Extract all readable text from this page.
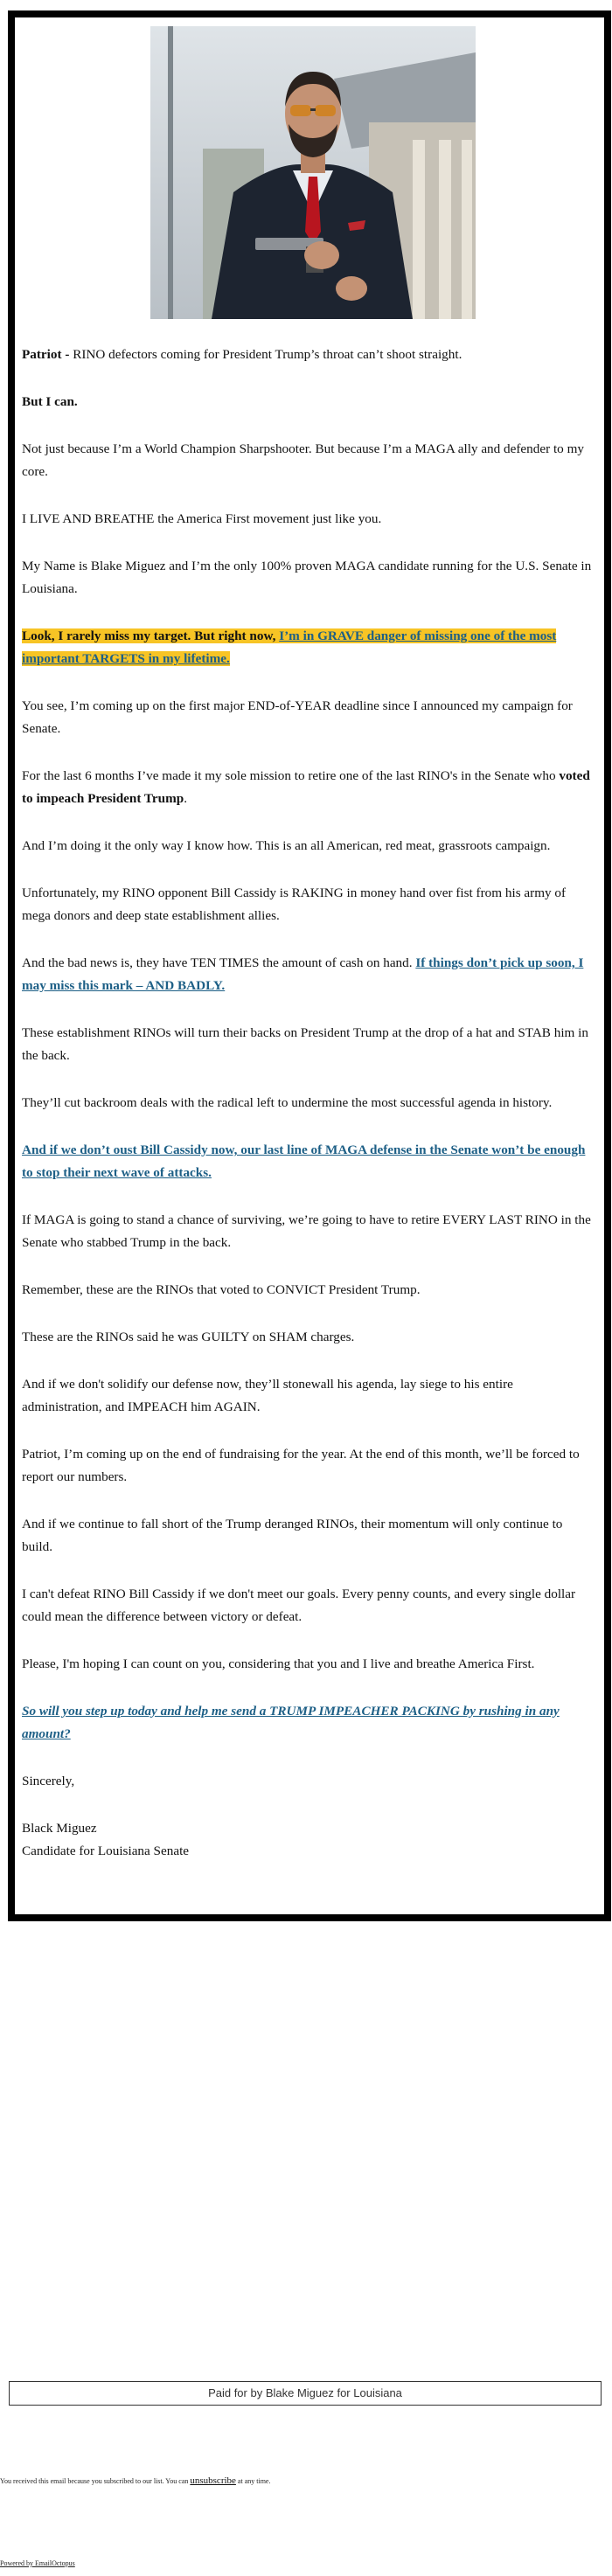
Patriot - RINO defectors coming for President Trump’s throat can’t shoot straight.

But I can.

Not just because I’m a World Champion Sharpshooter. But because I’m a MAGA ally and defender to my core.

I LIVE AND BREATHE the America First movement just like you.

My Name is Blake Miguez and I’m the only 100% proven MAGA candidate running for the U.S. Senate in Louisiana.

Look, I rarely miss my target. But right now, I’m in GRAVE danger of missing one of the most important TARGETS in my lifetime.

You see, I’m coming up on the first major END-of-YEAR deadline since I announced my campaign for Senate.

For the last 6 months I’ve made it my sole mission to retire one of the last RINO's in the Senate who voted to impeach President Trump.

And I’m doing it the only way I know how. This is an all American, red meat, grassroots campaign.

Unfortunately, my RINO opponent Bill Cassidy is RAKING in money hand over fist from his army of mega donors and deep state establishment allies.

And the bad news is, they have TEN TIMES the amount of cash on hand. If things don’t pick up soon, I may miss this mark – AND BADLY.

These establishment RINOs will turn their backs on President Trump at the drop of a hat and STAB him in the back.

They’ll cut backroom deals with the radical left to undermine the most successful agenda in history.

And if we don’t oust Bill Cassidy now, our last line of MAGA defense in the Senate won’t be enough to stop their next wave of attacks.

If MAGA is going to stand a chance of surviving, we’re going to have to retire EVERY LAST RINO in the Senate who stabbed Trump in the back.

Remember, these are the RINOs that voted to CONVICT President Trump.

These are the RINOs said he was GUILTY on SHAM charges.

And if we don't solidify our defense now, they’ll stonewall his agenda, lay siege to his entire administration, and IMPEACH him AGAIN.

Patriot, I’m coming up on the end of fundraising for the year. At the end of this month, we’ll be forced to report our numbers.

And if we continue to fall short of the Trump deranged RINOs, their momentum will only continue to build.

I can't defeat RINO Bill Cassidy if we don't meet our goals. Every penny counts, and every single dollar could mean the difference between victory or defeat.

Please, I'm hoping I can count on you, considering that you and I live and breathe America First.

So will you step up today and help me send a TRUMP IMPEACHER PACKING by rushing in any amount?

Sincerely,

Black Miguez
Candidate for Louisiana Senate

Paid for by Blake Miguez for Louisiana
You received this email because you subscribed to our list. You can unsubscribe at any time.
Powered by EmailOctopus
